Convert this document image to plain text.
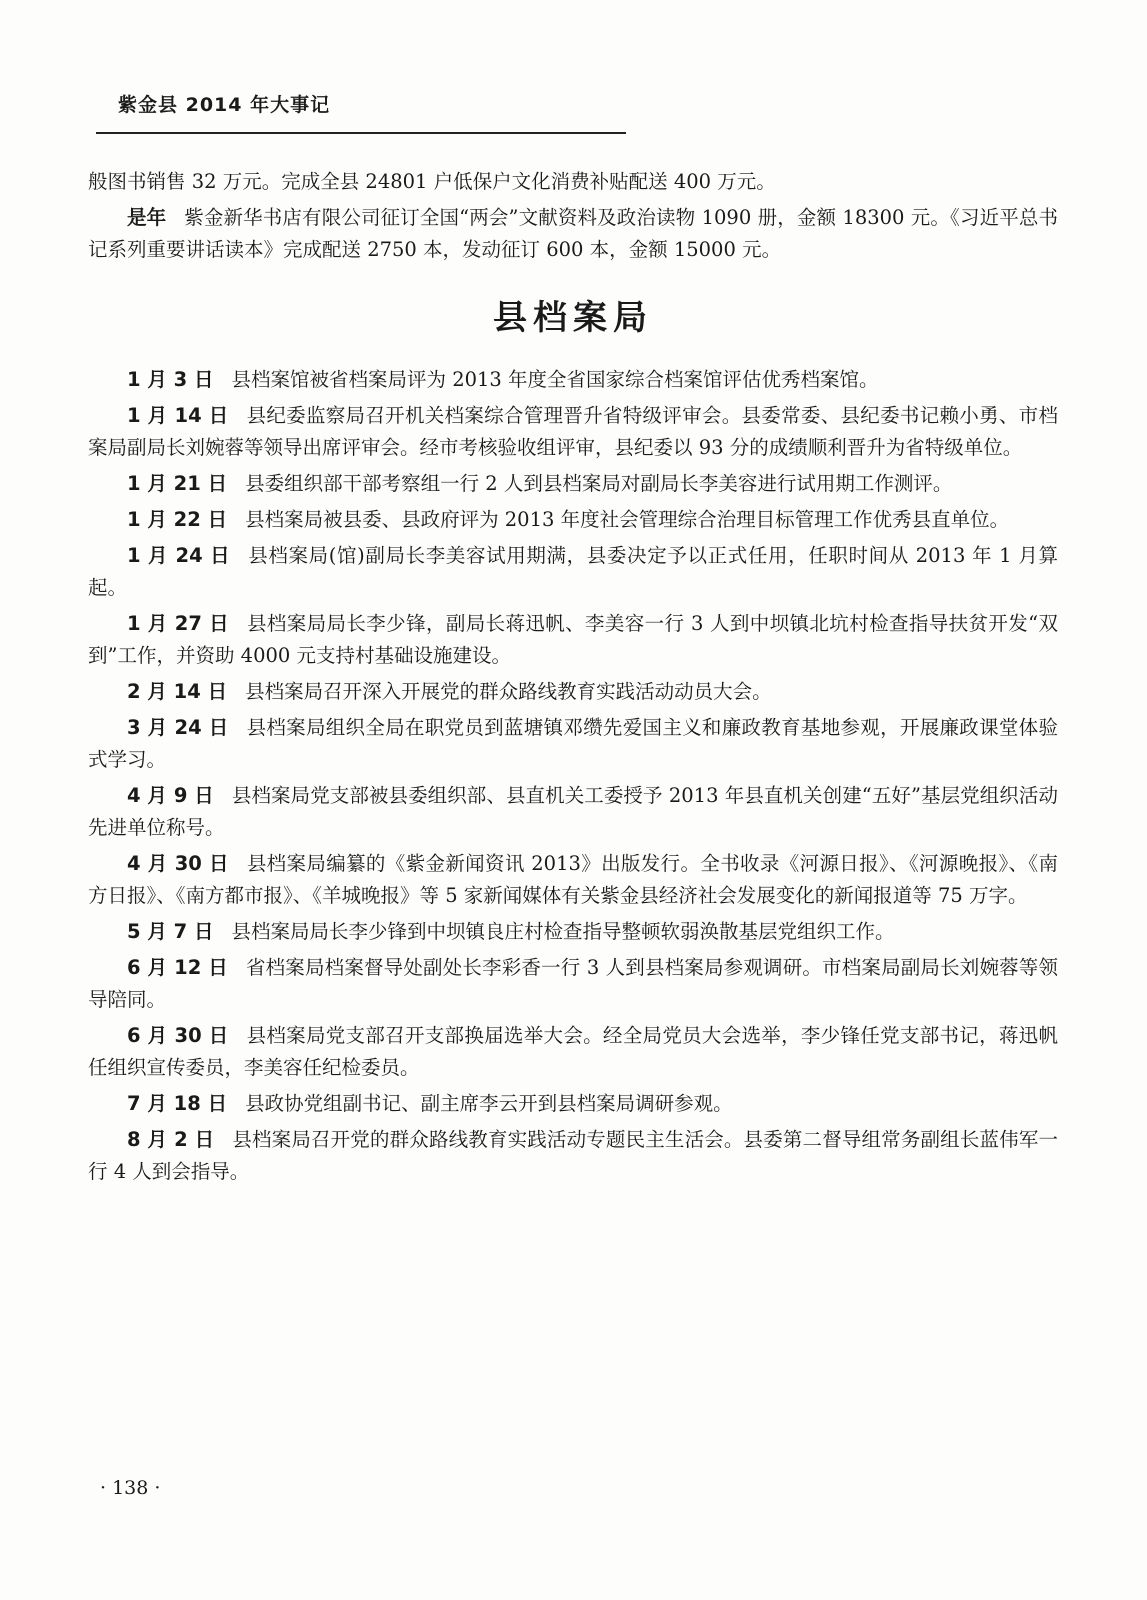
紫金县 2014 年大事记

般图书销售 32 万元。完成全县 24801 户低保户文化消费补贴配送 400 万元。

是年 紫金新华书店有限公司征订全国“两会”文献资料及政治读物 1090 册，金额 18300 元。《习近平总书记系列重要讲话读本》完成配送 2750 本，发动征订 600 本，金额 15000 元。

县档案局

1 月 3 日 县档案馆被省档案局评为 2013 年度全省国家综合档案馆评估优秀档案馆。

1 月 14 日 县纪委监察局召开机关档案综合管理晋升省特级评审会。县委常委、县纪委书记赖小勇、市档案局副局长刘婉蓉等领导出席评审会。经市考核验收组评审，县纪委以 93 分的成绩顺利晋升为省特级单位。

1 月 21 日 县委组织部干部考察组一行 2 人到县档案局对副局长李美容进行试用期工作测评。

1 月 22 日 县档案局被县委、县政府评为 2013 年度社会管理综合治理目标管理工作优秀县直单位。

1 月 24 日 县档案局(馆)副局长李美容试用期满，县委决定予以正式任用，任职时间从 2013 年 1 月算起。

1 月 27 日 县档案局局长李少锋，副局长蒋迅帆、李美容一行 3 人到中坝镇北坑村检查指导扶贫开发“双到”工作，并资助 4000 元支持村基础设施建设。

2 月 14 日 县档案局召开深入开展党的群众路线教育实践活动动员大会。

3 月 24 日 县档案局组织全局在职党员到蓝塘镇邓缵先爱国主义和廉政教育基地参观，开展廉政课堂体验式学习。

4 月 9 日 县档案局党支部被县委组织部、县直机关工委授予 2013 年县直机关创建“五好”基层党组织活动先进单位称号。

4 月 30 日 县档案局编纂的《紫金新闻资讯 2013》出版发行。全书收录《河源日报》、《河源晚报》、《南方日报》、《南方都市报》、《羊城晚报》等 5 家新闻媒体有关紫金县经济社会发展变化的新闻报道等 75 万字。

5 月 7 日 县档案局局长李少锋到中坝镇良庄村检查指导整顿软弱涣散基层党组织工作。

6 月 12 日 省档案局档案督导处副处长李彩香一行 3 人到县档案局参观调研。市档案局副局长刘婉蓉等领导陪同。

6 月 30 日 县档案局党支部召开支部换届选举大会。经全局党员大会选举，李少锋任党支部书记，蒋迅帆任组织宣传委员，李美容任纪检委员。

7 月 18 日 县政协党组副书记、副主席李云开到县档案局调研参观。

8 月 2 日 县档案局召开党的群众路线教育实践活动专题民主生活会。县委第二督导组常务副组长蓝伟军一行 4 人到会指导。

· 138 ·
